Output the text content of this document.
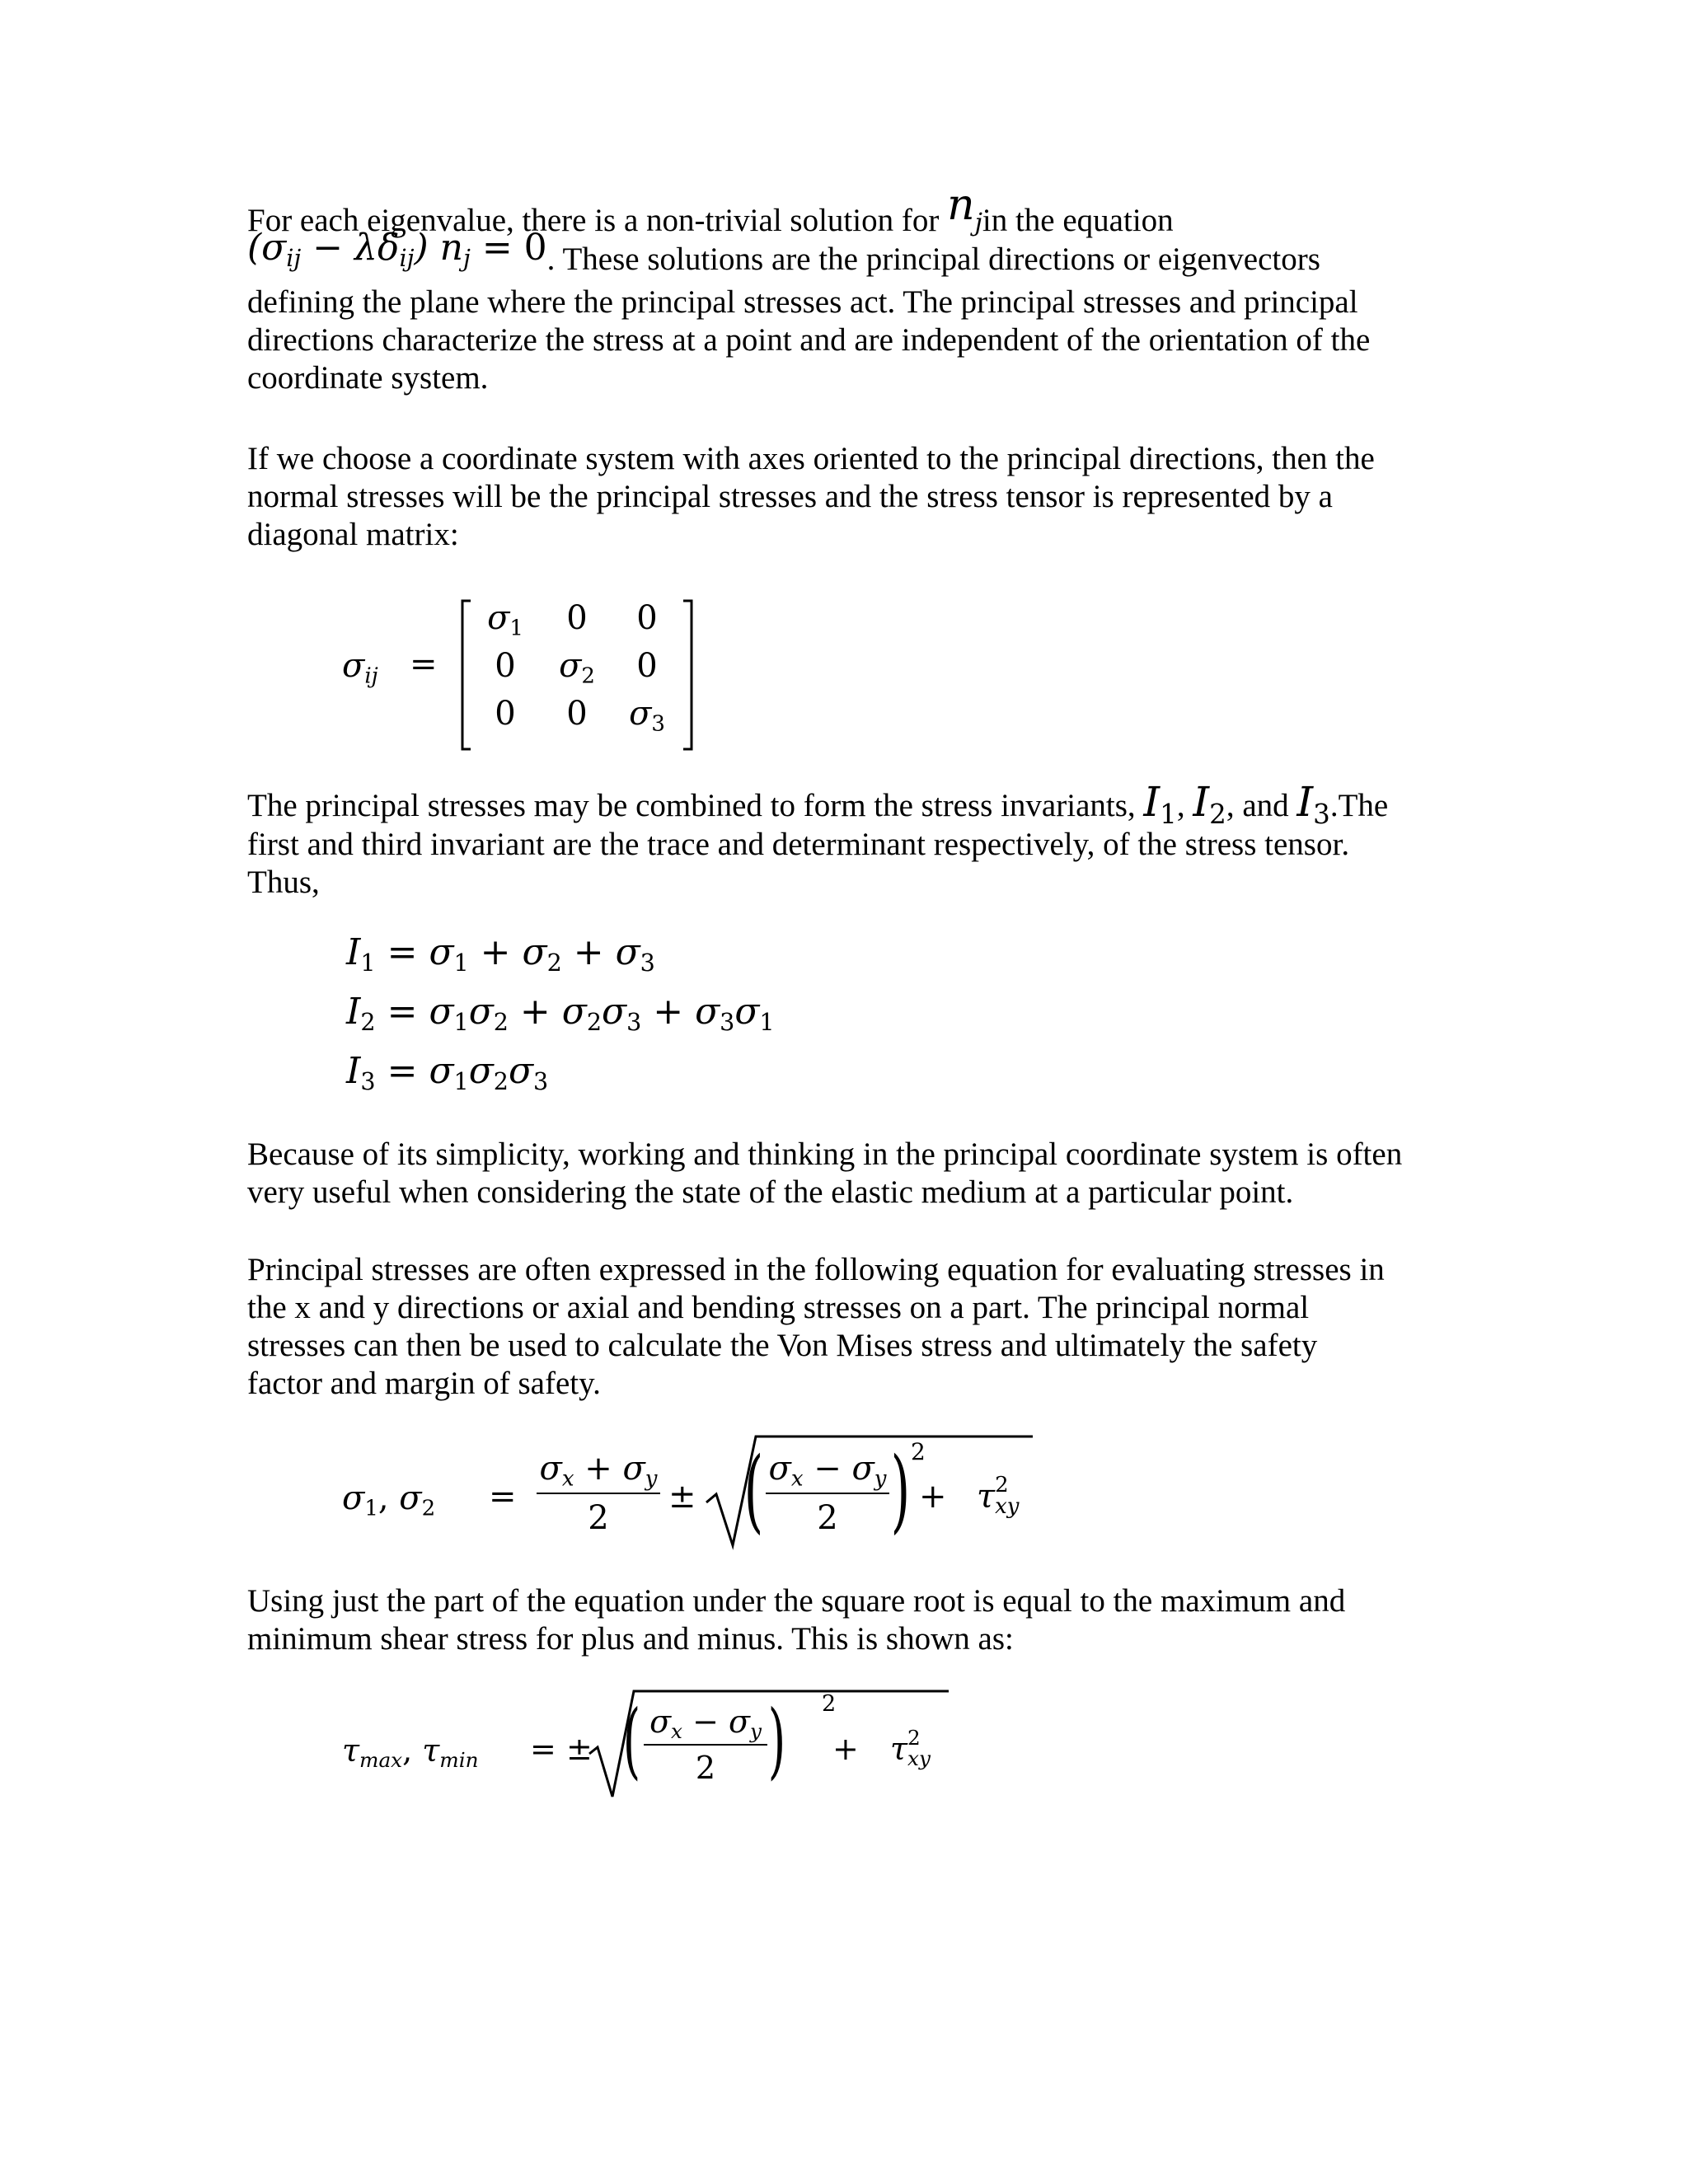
For each eigenvalue, there is a non-trivial solution for njin the equation
$(\sigma_{ij} - \lambda\delta_{ij}) n_j = 0$. These solutions are the principal directions or eigenvectors
defining the plane where the principal stresses act. The principal stresses and principal
directions characterize the stress at a point and are independent of the orientation of the
coordinate system.
If we choose a coordinate system with axes oriented to the principal directions, then the
normal stresses will be the principal stresses and the stress tensor is represented by a
diagonal matrix:
$\sigma_{ij}$ =
$\sigma_1$	0	0
0	$\sigma_2$	0
0	0	$\sigma_3$
The principal stresses may be combined to form the stress invariants, $I_1$, $I_2$, and $I_3.The$
first and third invariant are the trace and determinant respectively, of the stress tensor.
Thus,
$I_1 = \sigma_1 + \sigma_2 + \sigma_3$
$I_2 = \sigma_1\sigma_2 + \sigma_2\sigma_3 + \sigma_3\sigma_1$
$I_3 = \sigma_1\sigma_2\sigma_3$
Because of its simplicity, working and thinking in the principal coordinate system is often
very useful when considering the state of the elastic medium at a particular point.
Principal stresses are often expressed in the following equation for evaluating stresses in
the x and y directions or axial and bending stresses on a part. The principal normal
stresses can then be used to calculate the Von Mises stress and ultimately the safety
factor and margin of safety.
$\sigma_1$, $\sigma_2$ =
$\sigma_x + \sigma_y$
2
± ( $\sigma_x - \sigma_y$
2 ) 2
+ τ 2
xy
Using just the part of the equation under the square root is equal to the maximum and
minimum shear stress for plus and minus. This is shown as:
$\tau_{max}$, $\tau_{min}$ = ± ( $\sigma_x - \sigma_y$
2 ) 2
+ τ 2
xy
